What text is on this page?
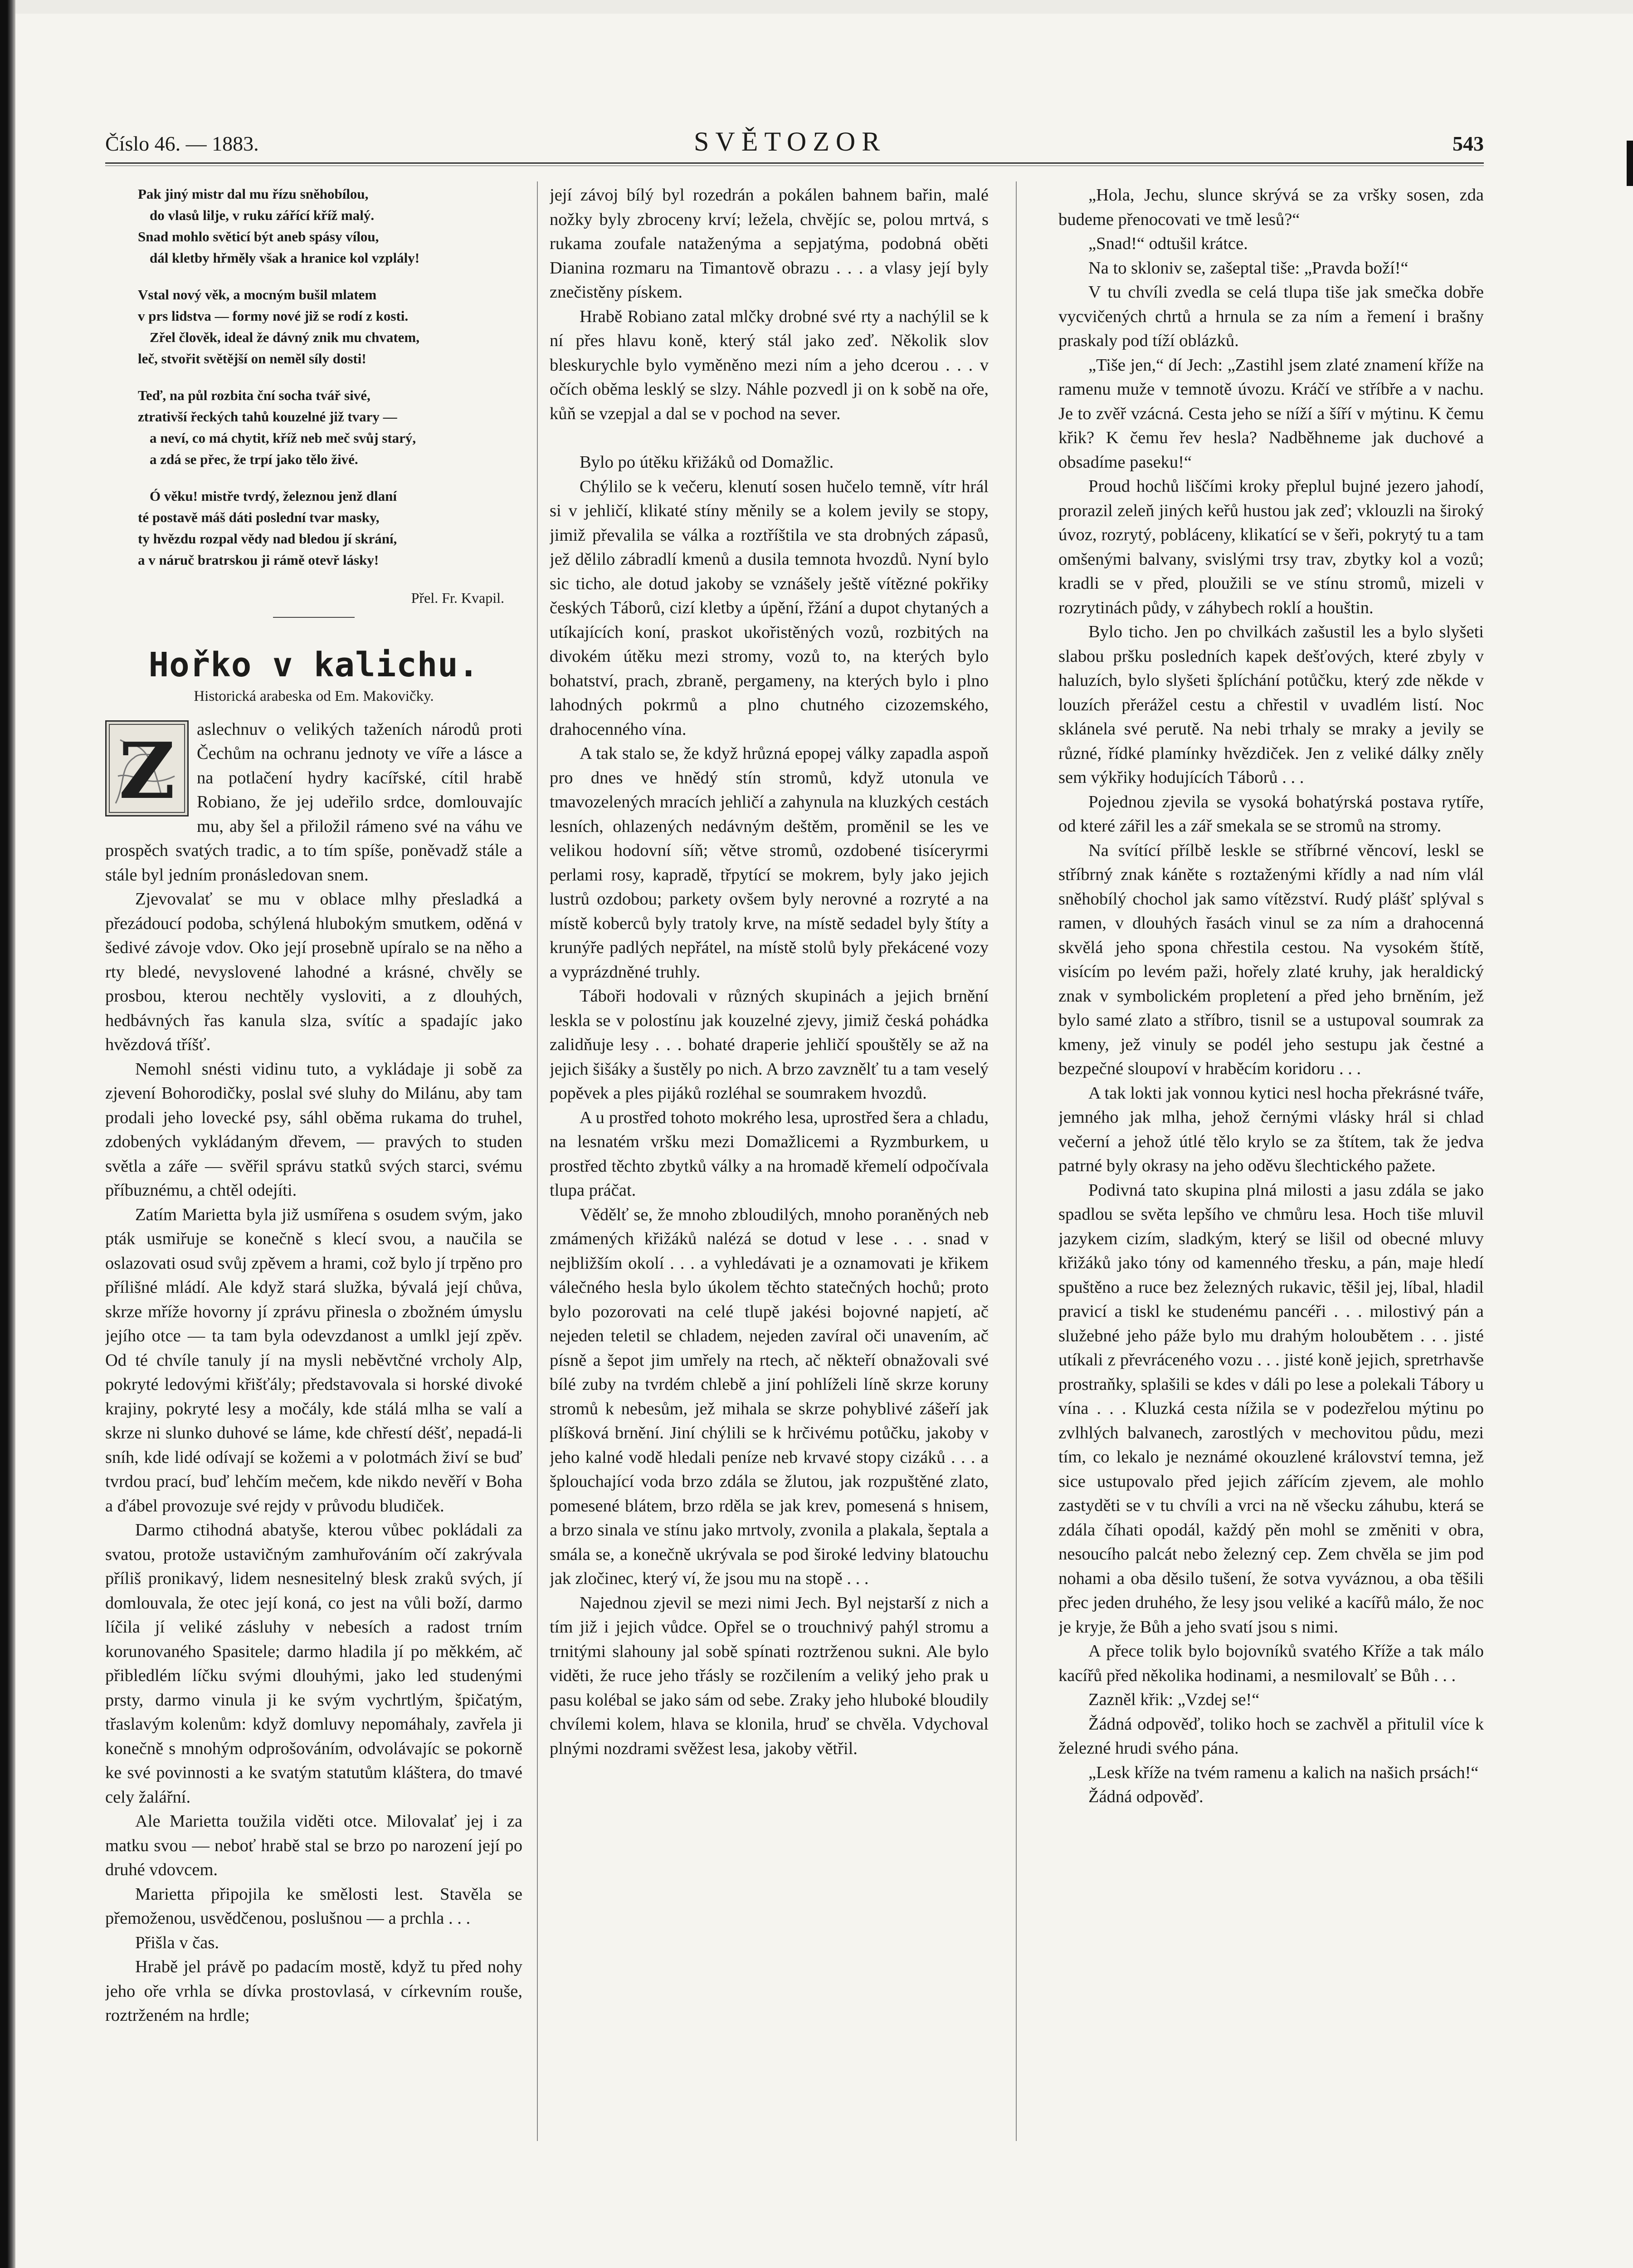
Číslo 46. — 1883.	SVĚTOZOR	543
Pak jiný mistr dal mu řízu sněhobílou,
do vlasů lilje, v ruku zářící kříž malý.
Snad mohlo světicí být aneb spásy vílou,
dál kletby hřměly však a hranice kol vzplály!
Vstal nový věk, a mocným bušil mlatem
v prs lidstva — formy nové již se rodí z kosti.
Zřel člověk, ideal že dávný znik mu chvatem,
leč, stvořit světější on neměl síly dosti!
Teď, na půl rozbita ční socha tvář sivé,
ztrativší řeckých tahů kouzelné již tvary —
a neví, co má chytit, kříž neb meč svůj starý,
a zdá se přec, že trpí jako tělo živé.
Ó věku! mistře tvrdý, železnou jenž dlaní
té postavě máš dáti poslední tvar masky,
ty hvězdu rozpal vědy nad bledou jí skrání,
a v náruč bratrskou ji rámě otevř lásky!
Přel. Fr. Kvapil.
Hořko v kalichu.
Historická arabeska od Em. Makovičky.
Z	aslechnuv o velikých taženích národů proti Čechům na ochranu jednoty ve víře a lásce a na potlačení hydry kacířské, cítil hrabě Robiano, že jej udeřilo srdce, domlouvajíc mu, aby šel a přiložil rámeno své na váhu ve prospěch svatých tradic, a to tím spíše, poněvadž stále a stále byl jedním pronásledovan snem.

Zjevovalať se mu v oblace mlhy přesladká a přezádoucí podoba, schýlená hlubokým smutkem, oděná v šedivé závoje vdov. Oko její prosebně upíralo se na něho a rty bledé, nevyslovené lahodné a krásné, chvěly se prosbou, kterou nechtěly vysloviti, a z dlouhých, hedbávných řas kanula slza, svítíc a spadajíc jako hvězdová tříšť.

Nemohl snésti vidinu tuto, a vykládaje ji sobě za zjevení Bohorodičky, poslal své sluhy do Milánu, aby tam prodali jeho lovecké psy, sáhl oběma rukama do truhel, zdobených vykládaným dřevem, — pravých to studen světla a záře — svěřil správu statků svých starci, svému příbuznému, a chtěl odejíti.

Zatím Marietta byla již usmířena s osudem svým, jako pták usmiřuje se konečně s klecí svou, a naučila se oslazovati osud svůj zpěvem a hrami, což bylo jí trpěno pro přílišné mládí. Ale když stará služka, bývalá její chůva, skrze mříže hovorny jí zprávu přinesla o zbožném úmyslu jejího otce — ta tam byla odevzdanost a umlkl její zpěv. Od té chvíle tanuly jí na mysli neběvtčné vrcholy Alp, pokryté ledovými křišťály; představovala si horské divoké krajiny, pokryté lesy a močály, kde stálá mlha se valí a skrze ni slunko duhové se láme, kde chřestí déšť, nepadá-li sníh, kde lidé odívají se kožemi a v polotmách živí se buď tvrdou prací, buď lehčím mečem, kde nikdo nevěří v Boha a ďábel provozuje své rejdy v průvodu bludiček.

Darmo ctihodná abatyše, kterou vůbec pokládali za svatou, protože ustavičným zamhuřováním očí zakrývala příliš pronikavý, lidem nesnesitelný blesk zraků svých, jí domlouvala, že otec její koná, co jest na vůli boží, darmo líčila jí veliké zásluhy v nebesích a radost trním korunovaného Spasitele; darmo hladila jí po měkkém, ač přibledlém líčku svými dlouhými, jako led studenými prsty, darmo vinula ji ke svým vychrtlým, špičatým, třaslavým kolenům: když domluvy nepomáhaly, zavřela ji konečně s mnohým odprošováním, odvolávajíc se pokorně ke své povinnosti a ke svatým statutům kláštera, do tmavé cely žalářní.

Ale Marietta toužila viděti otce. Milovalať jej i za matku svou — neboť hrabě stal se brzo po narození její po druhé vdovcem.

Marietta připojila ke smělosti lest. Stavěla se přemoženou, usvědčenou, poslušnou — a prchla . . .

Přišla v čas.

Hrabě jel právě po padacím mostě, když tu před nohy jeho oře vrhla se dívka prostovlasá, v církevním rouše, roztrženém na hrdle;

její závoj bílý byl rozedrán a pokálen bahnem bařin, malé nožky byly zbroceny krví; ležela, chvějíc se, polou mrtvá, s rukama zoufale nataženýma a sepjatýma, podobná oběti Dianina rozmaru na Timantově obrazu . . . a vlasy její byly znečistěny pískem.

Hrabě Robiano zatal mlčky drobné své rty a nachýlil se k ní přes hlavu koně, který stál jako zeď. Několik slov bleskurychle bylo vyměněno mezi ním a jeho dcerou . . . v očích oběma lesklý se slzy. Náhle pozvedl ji on k sobě na oře, kůň se vzepjal a dal se v pochod na sever.

Bylo po útěku křižáků od Domažlic.

Chýlilo se k večeru, klenutí sosen hučelo temně, vítr hrál si v jehličí, klikaté stíny měnily se a kolem jevily se stopy, jimiž převalila se válka a roztříštila ve sta drobných zápasů, jež dělilo zábradlí kmenů a dusila temnota hvozdů. Nyní bylo sic ticho, ale dotud jakoby se vznášely ještě vítězné pokřiky českých Táborů, cizí kletby a úpění, řžání a dupot chytaných a utíkajících koní, praskot ukořistěných vozů, rozbitých na divokém útěku mezi stromy, vozů to, na kterých bylo bohatství, prach, zbraně, pergameny, na kterých bylo i plno lahodných pokrmů a plno chutného cizozemského, drahocenného vína.

A tak stalo se, že když hrůzná epopej války zapadla aspoň pro dnes ve hnědý stín stromů, když utonula ve tmavozelených mracích jehličí a zahynula na kluzkých cestách lesních, ohlazených nedávným deštěm, proměnil se les ve velikou hodovní síň; větve stromů, ozdobené tisíceryrmi perlami rosy, kapradě, třpytící se mokrem, byly jako jejich lustrů ozdobou; parkety ovšem byly nerovné a rozryté a na místě koberců byly tratoly krve, na místě sedadel byly štíty a krunýře padlých nepřátel, na místě stolů byly překácené vozy a vyprázdněné truhly.

Táboři hodovali v různých skupinách a jejich brnění leskla se v polostínu jak kouzelné zjevy, jimiž česká pohádka zalidňuje lesy . . . bohaté draperie jehličí spouštěly se až na jejich šišáky a šustěly po nich. A brzo zavznělť tu a tam veselý popěvek a ples pijáků rozléhal se soumrakem hvozdů.

A u prostřed tohoto mokrého lesa, uprostřed šera a chladu, na lesnatém vršku mezi Domažlicemi a Ryzmburkem, u prostřed těchto zbytků války a na hromadě křemelí odpočívala tlupa práčat.

Vědělť se, že mnoho zbloudilých, mnoho poraněných neb zmámených křižáků nalézá se dotud v lese . . . snad v nejbližším okolí . . . a vyhledávati je a oznamovati je křikem válečného hesla bylo úkolem těchto statečných hochů; proto bylo pozorovati na celé tlupě jakési bojovné napjetí, ač nejeden teletil se chladem, nejeden zavíral oči unavením, ač písně a šepot jim umřely na rtech, ač někteří obnažovali své bílé zuby na tvrdém chlebě a jiní pohlíželi líně skrze koruny stromů k nebesům, jež mihala se skrze pohyblivé zášeří jak plíšková brnění. Jiní chýlili se k hrčivému potůčku, jakoby v jeho kalné vodě hledali peníze neb krvavé stopy cizáků . . . a šplouchající voda brzo zdála se žlutou, jak rozpuštěné zlato, pomesené blátem, brzo rděla se jak krev, pomesená s hnisem, a brzo sinala ve stínu jako mrtvoly, zvonila a plakala, šeptala a smála se, a konečně ukrývala se pod široké ledviny blatouchu jak zločinec, který ví, že jsou mu na stopě . . .

Najednou zjevil se mezi nimi Jech. Byl nejstarší z nich a tím již i jejich vůdce. Opřel se o trouchnivý pahýl stromu a trnitými slahouny jal sobě spínati roztrženou sukni. Ale bylo viděti, že ruce jeho třásly se rozčilením a veliký jeho prak u pasu kolébal se jako sám od sebe. Zraky jeho hluboké bloudily chvílemi kolem, hlava se klonila, hruď se chvěla. Vdychoval plnými nozdrami svěžest lesa, jakoby větřil.

„Hola, Jechu, slunce skrývá se za vršky sosen, zda budeme přenocovati ve tmě lesů?“

„Snad!“ odtušil krátce.

Na to skloniv se, zašeptal tiše: „Pravda boží!“

V tu chvíli zvedla se celá tlupa tiše jak smečka dobře vycvičených chrtů a hrnula se za ním a řemení i brašny praskaly pod tíží oblázků.

„Tiše jen,“ dí Jech: „Zastihl jsem zlaté znamení kříže na ramenu muže v temnotě úvozu. Kráčí ve stříbře a v nachu. Je to zvěř vzácná. Cesta jeho se níží a šíří v mýtinu. K čemu křik? K čemu řev hesla? Nadběhneme jak duchové a obsadíme paseku!“

Proud hochů liščími kroky přeplul bujné jezero jahodí, prorazil zeleň jiných keřů hustou jak zeď; vklouzli na široký úvoz, rozrytý, pobláceny, klikatící se v šeři, pokrytý tu a tam omšenými balvany, svislými trsy trav, zbytky kol a vozů; kradli se v před, ploužili se ve stínu stromů, mizeli v rozrytinách půdy, v záhybech roklí a houštin.

Bylo ticho. Jen po chvilkách zašustil les a bylo slyšeti slabou pršku posledních kapek dešťových, které zbyly v haluzích, bylo slyšeti šplíchání potůčku, který zde někde v louzích přerážel cestu a chřestil v uvadlém listí. Noc sklánela své perutě. Na nebi trhaly se mraky a jevily se různé, řídké plamínky hvězdiček. Jen z veliké dálky zněly sem výkřiky hodujících Táborů . . .

Pojednou zjevila se vysoká bohatýrská postava rytíře, od které zářil les a zář smekala se se stromů na stromy.

Na svítící přílbě leskle se stříbrné věncoví, leskl se stříbrný znak káněte s roztaženými křídly a nad ním vlál sněhobílý chochol jak samo vítězství. Rudý plášť splýval s ramen, v dlouhých řasách vinul se za ním a drahocenná skvělá jeho spona chřestila cestou. Na vysokém štítě, visícím po levém paži, hořely zlaté kruhy, jak heraldický znak v symbolickém propletení a před jeho brněním, jež bylo samé zlato a stříbro, tisnil se a ustupoval soumrak za kmeny, jež vinuly se podél jeho sestupu jak čestné a bezpečné sloupoví v hraběcím koridoru . . .

A tak lokti jak vonnou kytici nesl hocha překrásné tváře, jemného jak mlha, jehož černými vlásky hrál si chlad večerní a jehož útlé tělo krylo se za štítem, tak že jedva patrné byly okrasy na jeho oděvu šlechtického pažete.

Podivná tato skupina plná milosti a jasu zdála se jako spadlou se světa lepšího ve chmůru lesa. Hoch tiše mluvil jazykem cizím, sladkým, který se lišil od obecné mluvy křižáků jako tóny od kamenného třesku, a pán, maje hledí spuštěno a ruce bez železných rukavic, těšil jej, líbal, hladil pravicí a tiskl ke studenému pancéři . . . milostivý pán a služebné jeho páže bylo mu drahým holoubětem . . . jisté utíkali z převráceného vozu . . . jisté koně jejich, spretrhavše prostraňky, splašili se kdes v dáli po lese a polekali Tábory u vína . . . Kluzká cesta nížila se v podezřelou mýtinu po zvlhlých balvanech, zarostlých v mechovitou půdu, mezi tím, co lekalo je neznámé okouzlené království temna, jež sice ustupovalo před jejich zářícím zjevem, ale mohlo zastyděti se v tu chvíli a vrci na ně všecku záhubu, která se zdála číhati opodál, každý pěn mohl se změniti v obra, nesoucího palcát nebo železný cep. Zem chvěla se jim pod nohami a oba děsilo tušení, že sotva vyváznou, a oba těšili přec jeden druhého, že lesy jsou veliké a kacířů málo, že noc je kryje, že Bůh a jeho svatí jsou s nimi.

A přece tolik bylo bojovníků svatého Kříže a tak málo kacířů před několika hodinami, a nesmilovalť se Bůh . . .

Zazněl křik: „Vzdej se!“

Žádná odpověď, toliko hoch se zachvěl a přitulil více k železné hrudi svého pána.

„Lesk kříže na tvém ramenu a kalich na našich prsách!“

Žádná odpověď.
